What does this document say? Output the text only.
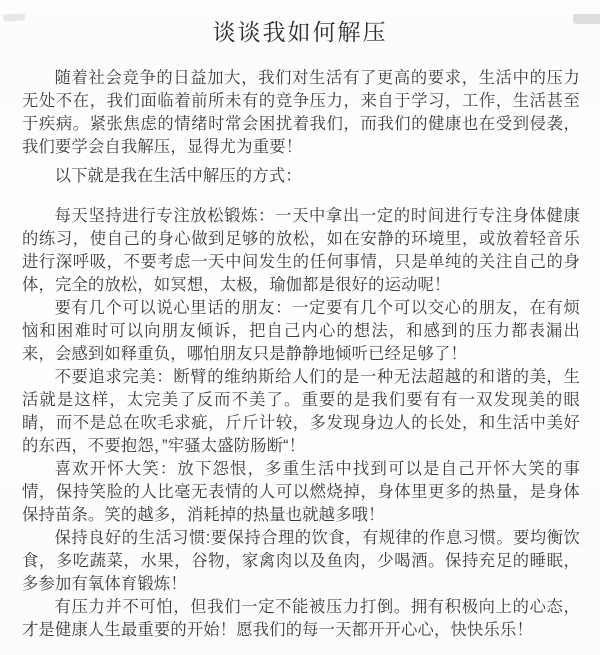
谈谈我如何解压

随着社会竞争的日益加大，我们对生活有了更高的要求，生活中的压力无处不在，我们面临着前所未有的竞争压力，来自于学习，工作，生活甚至于疾病。紧张焦虑的情绪时常会困扰着我们，而我们的健康也在受到侵袭，我们要学会自我解压，显得尤为重要！

以下就是我在生活中解压的方式：

每天坚持进行专注放松锻炼：一天中拿出一定的时间进行专注身体健康的练习，使自己的身心做到足够的放松，如在安静的环境里，或放着轻音乐进行深呼吸，不要考虑一天中间发生的任何事情，只是单纯的关注自己的身体，完全的放松，如冥想，太极，瑜伽都是很好的运动呢！

要有几个可以说心里话的朋友：一定要有几个可以交心的朋友，在有烦恼和困难时可以向朋友倾诉，把自己内心的想法，和感到的压力都表漏出来，会感到如释重负，哪怕朋友只是静静地倾听已经足够了！

不要追求完美：断臂的维纳斯给人们的是一种无法超越的和谐的美，生活就是这样，太完美了反而不美了。重要的是我们要有有一双发现美的眼睛，而不是总在吹毛求疵，斤斤计较，多发现身边人的长处，和生活中美好的东西，不要抱怨，”牢骚太盛防肠断“！

喜欢开怀大笑：放下怨恨，多重生活中找到可以是自己开怀大笑的事情，保持笑脸的人比毫无表情的人可以燃烧掉，身体里更多的热量，是身体保持苗条。笑的越多，消耗掉的热量也就越多哦！

保持良好的生活习惯:要保持合理的饮食，有规律的作息习惯。要均衡饮食，多吃蔬菜，水果，谷物，家禽肉以及鱼肉，少喝酒。保持充足的睡眠，多参加有氧体育锻炼！

有压力并不可怕，但我们一定不能被压力打倒。拥有积极向上的心态，才是健康人生最重要的开始！愿我们的每一天都开开心心，快快乐乐！
